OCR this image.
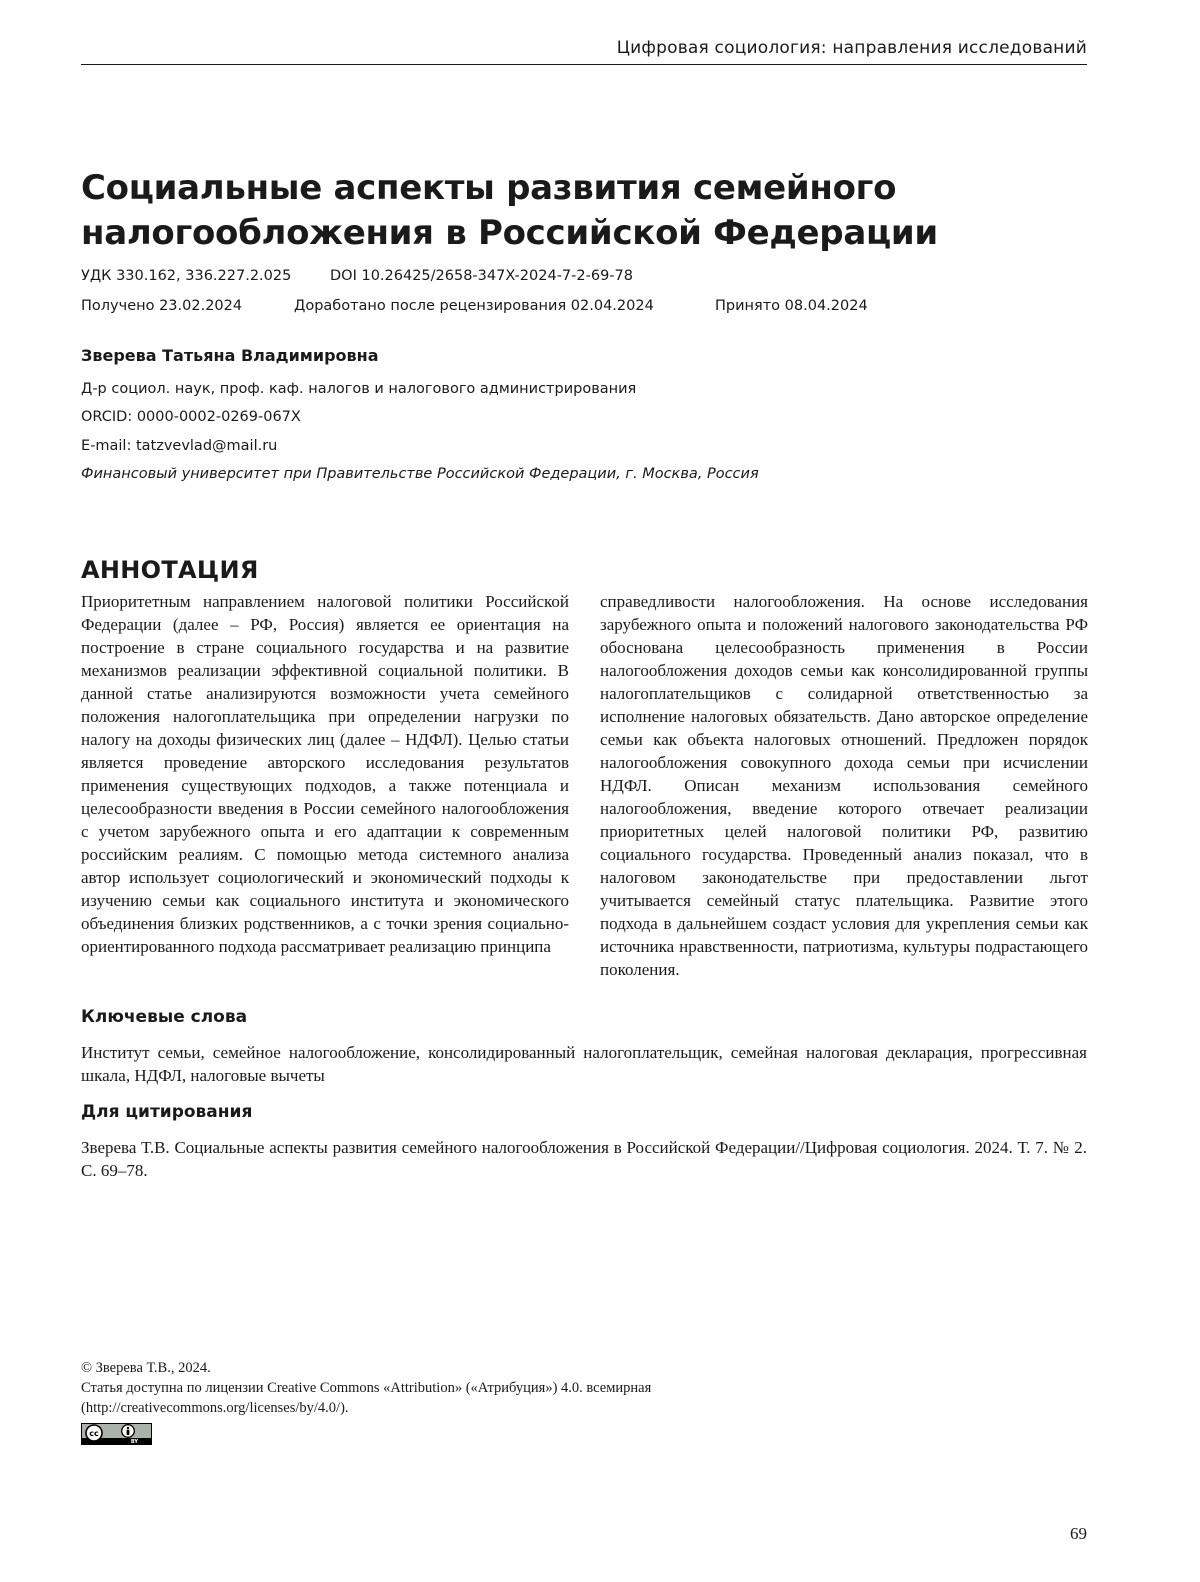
Цифровая социология: направления исследований
Социальные аспекты развития семейного
налогообложения в Российской Федерации
УДК 330.162, 336.227.2.025	DOI 10.26425/2658-347X-2024-7-2-69-78
Получено 23.02.2024	Доработано после рецензирования 02.04.2024	Принято 08.04.2024
Зверева Татьяна Владимировна
Д-р социол. наук, проф. каф. налогов и налогового администрирования
ORCID: 0000-0002-0269-067X
E-mail: tatzvevlad@mail.ru
Финансовый университет при Правительстве Российской Федерации, г. Москва, Россия
АННОТАЦИЯ

Приоритетным направлением налоговой политики Российской Федерации (далее – РФ, Россия) является ее ориентация на построение в стране социального государства и на развитие механизмов реализации эффективной социальной политики. В данной статье анализируются возможности учета семейного положения налогоплательщика при определении нагрузки по налогу на доходы физических лиц (далее – НДФЛ). Целью статьи является проведение авторского исследования результатов применения существующих подходов, а также потенциала и целесообразности введения в России семейного налогообложения с учетом зарубежного опыта и его адаптации к современным российским реалиям. С помощью метода системного анализа автор использует социологический и экономический подходы к изучению семьи как социального института и экономического объединения близких родственников, а с точки зрения социально-ориентированного подхода рассматривает реализацию принципа

справедливости налогообложения. На основе исследования зарубежного опыта и положений налогового законодательства РФ обоснована целесообразность применения в России налогообложения доходов семьи как консолидированной группы налогоплательщиков с солидарной ответственностью за исполнение налоговых обязательств. Дано авторское определение семьи как объекта налоговых отношений. Предложен порядок налогообложения совокупного дохода семьи при исчислении НДФЛ. Описан механизм использования семейного налогообложения, введение которого отвечает реализации приоритетных целей налоговой политики РФ, развитию социального государства. Проведенный анализ показал, что в налоговом законодательстве при предоставлении льгот учитывается семейный статус плательщика. Развитие этого подхода в дальнейшем создаст условия для укрепления семьи как источника нравственности, патриотизма, культуры подрастающего поколения.

Ключевые слова

Институт семьи, семейное налогообложение, консолидированный налогоплательщик, семейная налоговая декларация, прогрессивная шкала, НДФЛ, налоговые вычеты

Для цитирования

Зверева Т.В. Социальные аспекты развития семейного налогообложения в Российской Федерации//Цифровая социология. 2024. Т. 7. № 2. С. 69–78.

© Зверева Т.В., 2024.
Статья доступна по лицензии Creative Commons «Attribution» («Атрибуция») 4.0. всемирная
(http://creativecommons.org/licenses/by/4.0/).
cc
BY
69
